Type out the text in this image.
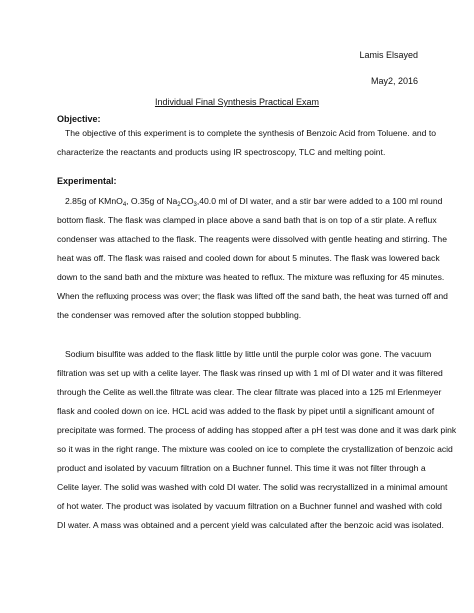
Lamis Elsayed
May2, 2016
Individual Final Synthesis Practical Exam
Objective:
The objective of this experiment is to complete the synthesis of Benzoic Acid from Toluene. and to
characterize the reactants and products using IR spectroscopy, TLC and melting point.
Experimental:
2.85g of KMnO$_4$, O.35g of $Na_2CO_3,40.0$ ml of DI water, and a stir bar were added to a 100 ml round
bottom flask. The flask was clamped in place above a sand bath that is on top of a stir plate. A reflux
condenser was attached to the flask. The reagents were dissolved with gentle heating and stirring. The
heat was off. The flask was raised and cooled down for about 5 minutes. The flask was lowered back
down to the sand bath and the mixture was heated to reflux. The mixture was refluxing for 45 minutes.
When the refluxing process was over; the flask was lifted off the sand bath, the heat was turned off and
the condenser was removed after the solution stopped bubbling.
Sodium bisulfite was added to the flask little by little until the purple color was gone. The vacuum
filtration was set up with a celite layer. The flask was rinsed up with 1 ml of DI water and it was filtered
through the Celite as well.the filtrate was clear. The clear filtrate was placed into a 125 ml Erlenmeyer
flask and cooled down on ice. HCL acid was added to the flask by pipet until a significant amount of
precipitate was formed. The process of adding has stopped after a pH test was done and it was dark pink
so it was in the right range. The mixture was cooled on ice to complete the crystallization of benzoic acid
product and isolated by vacuum filtration on a Buchner funnel. This time it was not filter through a
Celite layer. The solid was washed with cold DI water. The solid was recrystallized in a minimal amount
of hot water. The product was isolated by vacuum filtration on a Buchner funnel and washed with cold
DI water. A mass was obtained and a percent yield was calculated after the benzoic acid was isolated.
